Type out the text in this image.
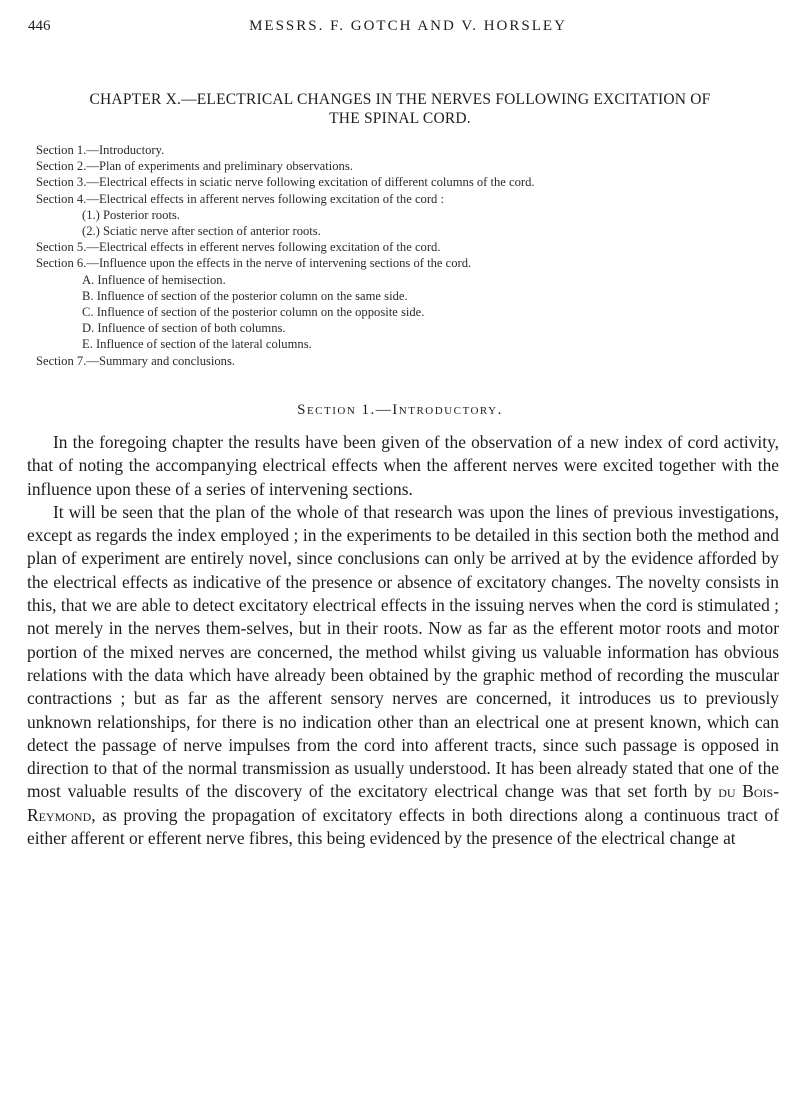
446	MESSRS. F. GOTCH AND V. HORSLEY
CHAPTER X.—ELECTRICAL CHANGES IN THE NERVES FOLLOWING EXCITATION OF
THE SPINAL CORD.
Section 1.—Introductory.
Section 2.—Plan of experiments and preliminary observations.
Section 3.—Electrical effects in sciatic nerve following excitation of different columns of the cord.
Section 4.—Electrical effects in afferent nerves following excitation of the cord :
(1.) Posterior roots.
(2.) Sciatic nerve after section of anterior roots.
Section 5.—Electrical effects in efferent nerves following excitation of the cord.
Section 6.—Influence upon the effects in the nerve of intervening sections of the cord.
A. Influence of hemisection.
B. Influence of section of the posterior column on the same side.
C. Influence of section of the posterior column on the opposite side.
D. Influence of section of both columns.
E. Influence of section of the lateral columns.
Section 7.—Summary and conclusions.
Section 1.—Introductory.

In the foregoing chapter the results have been given of the observation of a new index of cord activity, that of noting the accompanying electrical effects when the afferent nerves were excited together with the influence upon these of a series of intervening sections.

It will be seen that the plan of the whole of that research was upon the lines of previous investigations, except as regards the index employed ; in the experiments to be detailed in this section both the method and plan of experiment are entirely novel, since conclusions can only be arrived at by the evidence afforded by the electrical effects as indicative of the presence or absence of excitatory changes. The novelty consists in this, that we are able to detect excitatory electrical effects in the issuing nerves when the cord is stimulated ; not merely in the nerves them-selves, but in their roots. Now as far as the efferent motor roots and motor portion of the mixed nerves are concerned, the method whilst giving us valuable information has obvious relations with the data which have already been obtained by the graphic method of recording the muscular contractions ; but as far as the afferent sensory nerves are concerned, it introduces us to previously unknown relationships, for there is no indication other than an electrical one at present known, which can detect the passage of nerve impulses from the cord into afferent tracts, since such passage is opposed in direction to that of the normal transmission as usually understood. It has been already stated that one of the most valuable results of the discovery of the excitatory electrical change was that set forth by du Bois-Reymond, as proving the propagation of excitatory effects in both directions along a continuous tract of either afferent or efferent nerve fibres, this being evidenced by the presence of the electrical change at
